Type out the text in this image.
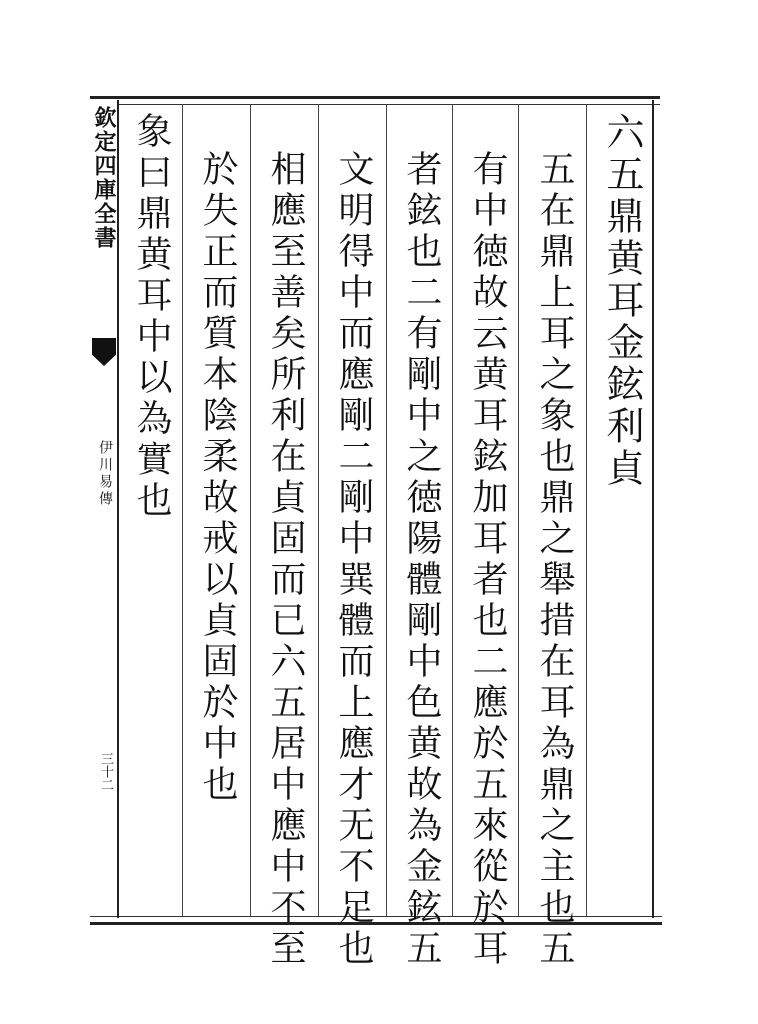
欽定四庫全書
伊川易傳
三十二
六五鼎黄耳金鉉利貞
五在鼎上耳之象也鼎之舉措在耳為鼎之主也五
有中徳故云黄耳鉉加耳者也二應於五來從於耳
者鉉也二有剛中之徳陽體剛中色黄故為金鉉五
文明得中而應剛二剛中巽體而上應才无不足也
相應至善矣所利在貞固而已六五居中應中不至
於失正而質本陰柔故戒以貞固於中也
象曰鼎黄耳中以為實也
